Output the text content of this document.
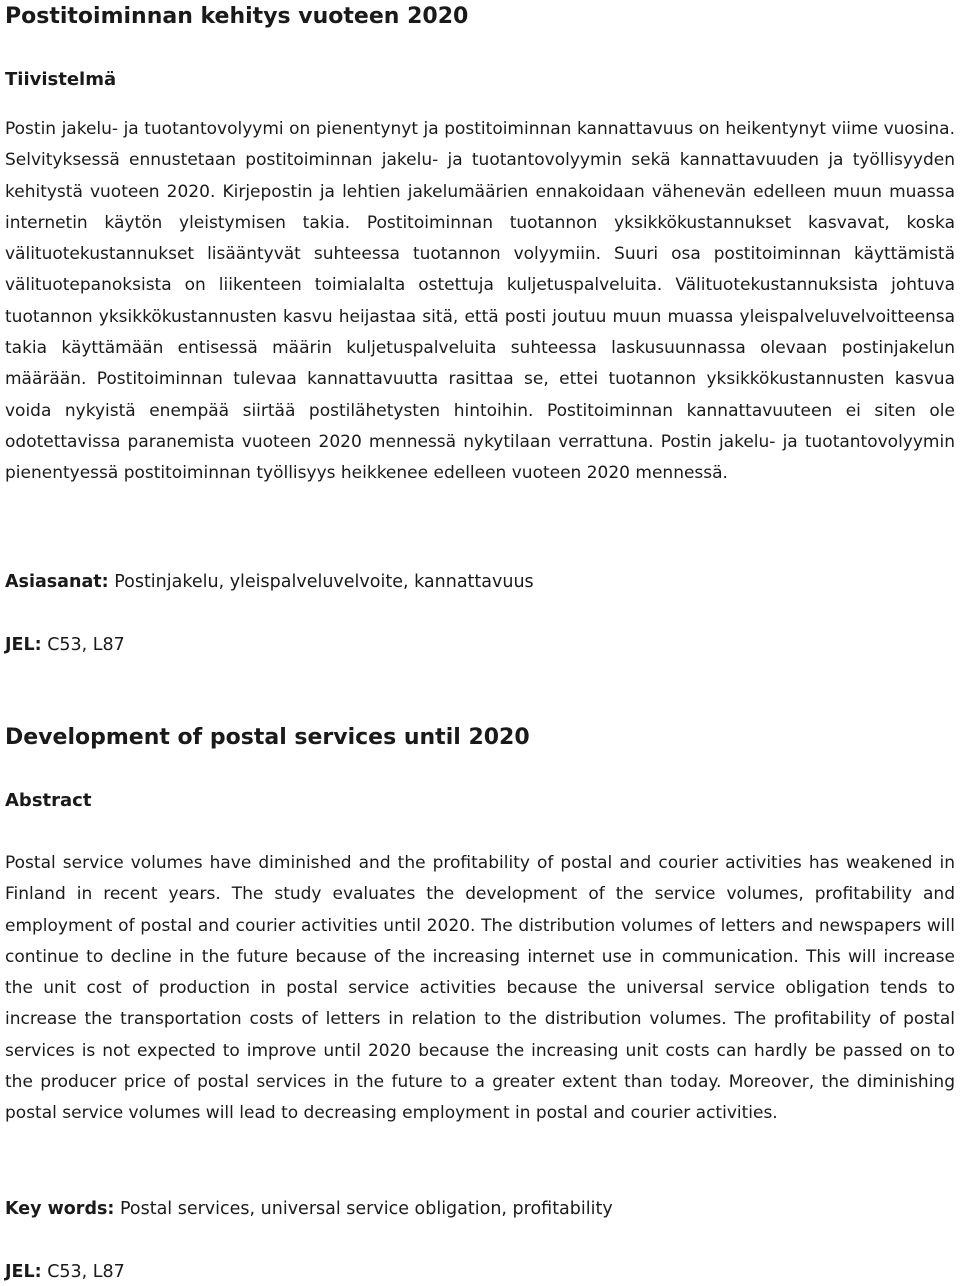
Postitoiminnan kehitys vuoteen 2020
Tiivistelmä

Postin jakelu- ja tuotantovolyymi on pienentynyt ja postitoiminnan kannattavuus on heikentynyt viime vuosina. Selvityksessä ennustetaan postitoiminnan jakelu- ja tuotantovolyymin sekä kannattavuuden ja työllisyyden kehitystä vuoteen 2020. Kirjepostin ja lehtien jakelumäärien ennakoidaan vähenevän edelleen muun muassa internetin käytön yleistymisen takia. Postitoiminnan tuotannon yksikkökustannukset kasvavat, koska välituotekustannukset lisääntyvät suhteessa tuotannon volyymiin. Suuri osa postitoiminnan käyttämistä välituotepanoksista on liikenteen toimialalta ostettuja kuljetuspalveluita. Välituotekustannuksista johtuva tuotannon yksikkökustannusten kasvu heijastaa sitä, että posti joutuu muun muassa yleispalveluvelvoitteensa takia käyttämään entisessä määrin kuljetuspalveluita suhteessa laskusuunnassa olevaan postinjakelun määrään. Postitoiminnan tulevaa kannattavuutta rasittaa se, ettei tuotannon yksikkökustannusten kasvua voida nykyistä enempää siirtää postilähetysten hintoihin. Postitoiminnan kannattavuuteen ei siten ole odotettavissa paranemista vuoteen 2020 mennessä nykytilaan verrattuna. Postin jakelu- ja tuotantovolyymin pienentyessä postitoiminnan työllisyys heikkenee edelleen vuoteen 2020 mennessä.

Asiasanat: Postinjakelu, yleispalveluvelvoite, kannattavuus

JEL: C53, L87

Development of postal services until 2020
Abstract

Postal service volumes have diminished and the profitability of postal and courier activities has weakened in Finland in recent years. The study evaluates the development of the service volumes, profitability and employment of postal and courier activities until 2020. The distribution volumes of letters and newspapers will continue to decline in the future because of the increasing internet use in communication. This will increase the unit cost of production in postal service activities because the universal service obligation tends to increase the transportation costs of letters in relation to the distribution volumes. The profitability of postal services is not expected to improve until 2020 because the increasing unit costs can hardly be passed on to the producer price of postal services in the future to a greater extent than today. Moreover, the diminishing postal service volumes will lead to decreasing employment in postal and courier activities.

Key words: Postal services, universal service obligation, profitability

JEL: C53, L87
